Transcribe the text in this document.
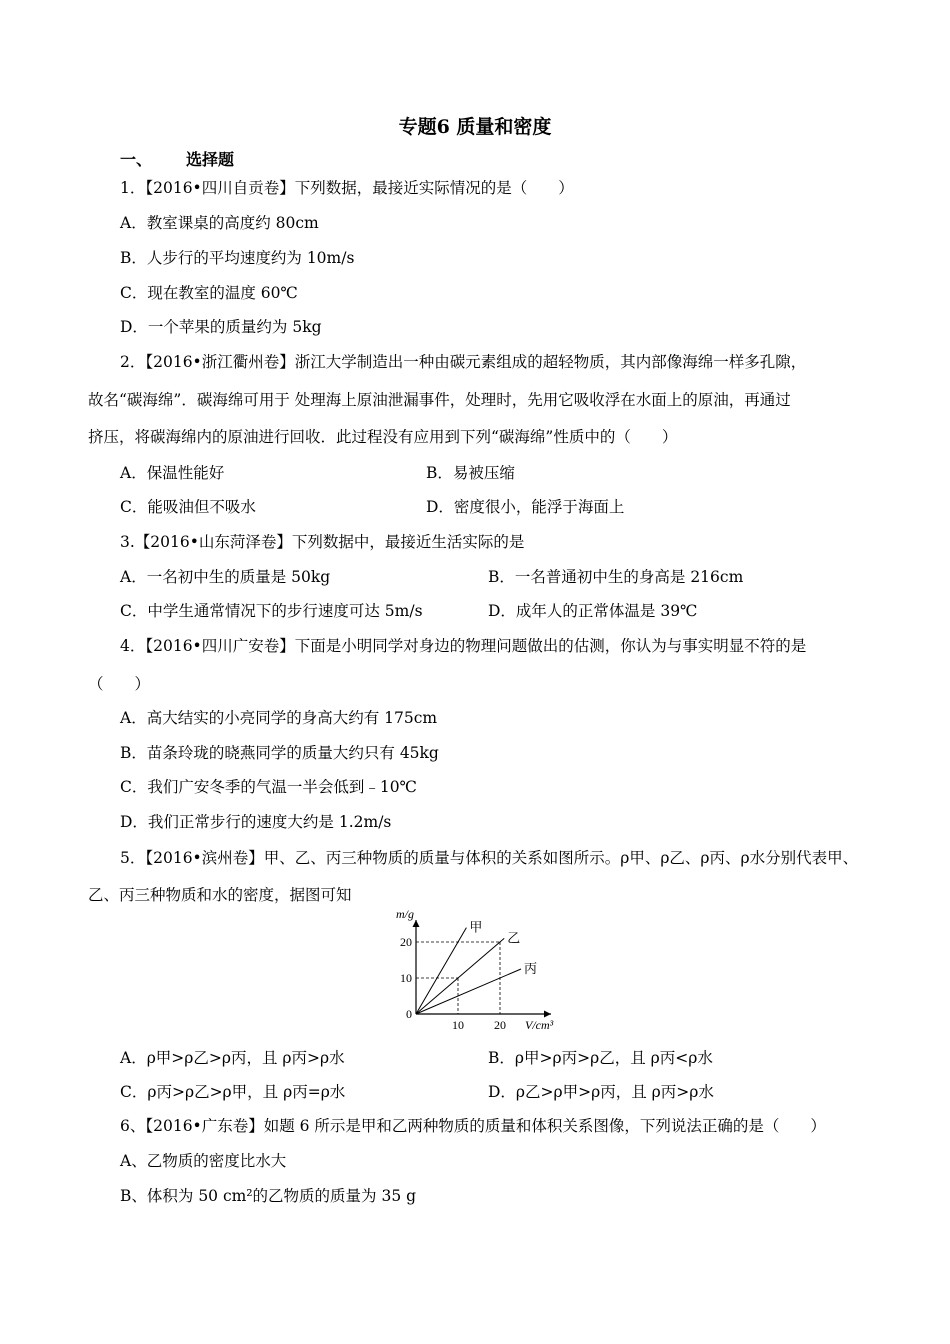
专题6 质量和密度
一、 选择题
1．【2016•四川自贡卷】下列数据，最接近实际情况的是（　　）
A．教室课桌的高度约 80cm
B．人步行的平均速度约为 10m/s
C．现在教室的温度 60℃
D．一个苹果的质量约为 5kg
2．【2016•浙江衢州卷】浙江大学制造出一种由碳元素组成的超轻物质，其内部像海绵一样多孔隙，
故名“碳海绵”．碳海绵可用于 处理海上原油泄漏事件，处理时，先用它吸收浮在水面上的原油，再通过
挤压，将碳海绵内的原油进行回收．此过程没有应用到下列“碳海绵”性质中的（　　）
A．保温性能好	B．易被压缩
C．能吸油但不吸水	D．密度很小，能浮于海面上
3.【2016•山东菏泽卷】下列数据中，最接近生活实际的是
A．一名初中生的质量是 50kg	B．一名普通初中生的身高是 216cm
C．中学生通常情况下的步行速度可达 5m/s	D．成年人的正常体温是 39℃
4．【2016•四川广安卷】下面是小明同学对身边的物理问题做出的估测，你认为与事实明显不符的是
（　　）
A．高大结实的小亮同学的身高大约有 175cm
B．苗条玲珑的晓燕同学的质量大约只有 45kg
C．我们广安冬季的气温一半会低到﹣10℃
D．我们正常步行的速度大约是 1.2m/s
5．【2016•滨州卷】甲、乙、丙三种物质的质量与体积的关系如图所示。ρ甲、ρ乙、ρ丙、ρ水分别代表甲、
乙、丙三种物质和水的密度，据图可知
甲
乙
丙
10	20
0
10
20
m/g
V/cm³
A．ρ甲>ρ乙>ρ丙，且 ρ丙>ρ水	B．ρ甲>ρ丙>ρ乙，且 ρ丙<ρ水
C．ρ丙>ρ乙>ρ甲，且 ρ丙=ρ水	D．ρ乙>ρ甲>ρ丙，且 ρ丙>ρ水
6、【2016•广东卷】如题 6 所示是甲和乙两种物质的质量和体积关系图像，下列说法正确的是（　　）
A、乙物质的密度比水大
B、体积为 50 cm²的乙物质的质量为 35 g
